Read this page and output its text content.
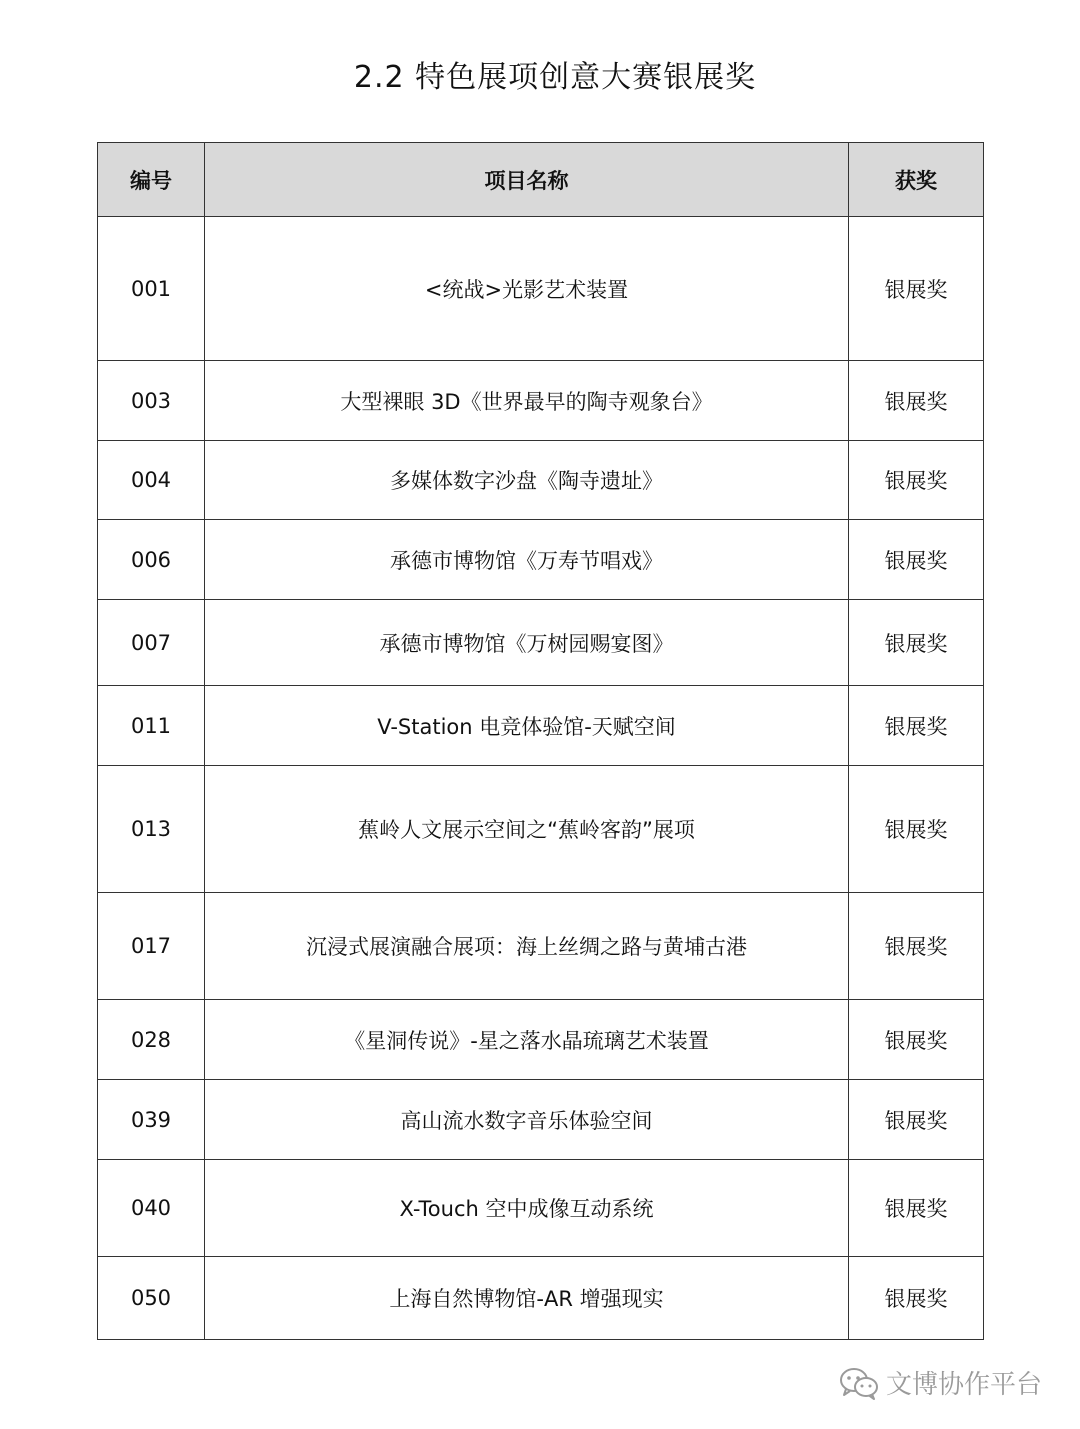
2.2 特色展项创意大赛银展奖
编号	项目名称	获奖
001	<统战>光影艺术装置	银展奖
003	大型裸眼 3D《世界最早的陶寺观象台》	银展奖
004	多媒体数字沙盘《陶寺遗址》	银展奖
006	承德市博物馆《万寿节唱戏》	银展奖
007	承德市博物馆《万树园赐宴图》	银展奖
011	V-Station 电竞体验馆-天赋空间	银展奖
013	蕉岭人文展示空间之“蕉岭客韵”展项	银展奖
017	沉浸式展演融合展项：海上丝绸之路与黄埔古港	银展奖
028	《星洞传说》-星之落水晶琉璃艺术装置	银展奖
039	高山流水数字音乐体验空间	银展奖
040	X-Touch 空中成像互动系统	银展奖
050	上海自然博物馆-AR 增强现实	银展奖
文博协作平台
